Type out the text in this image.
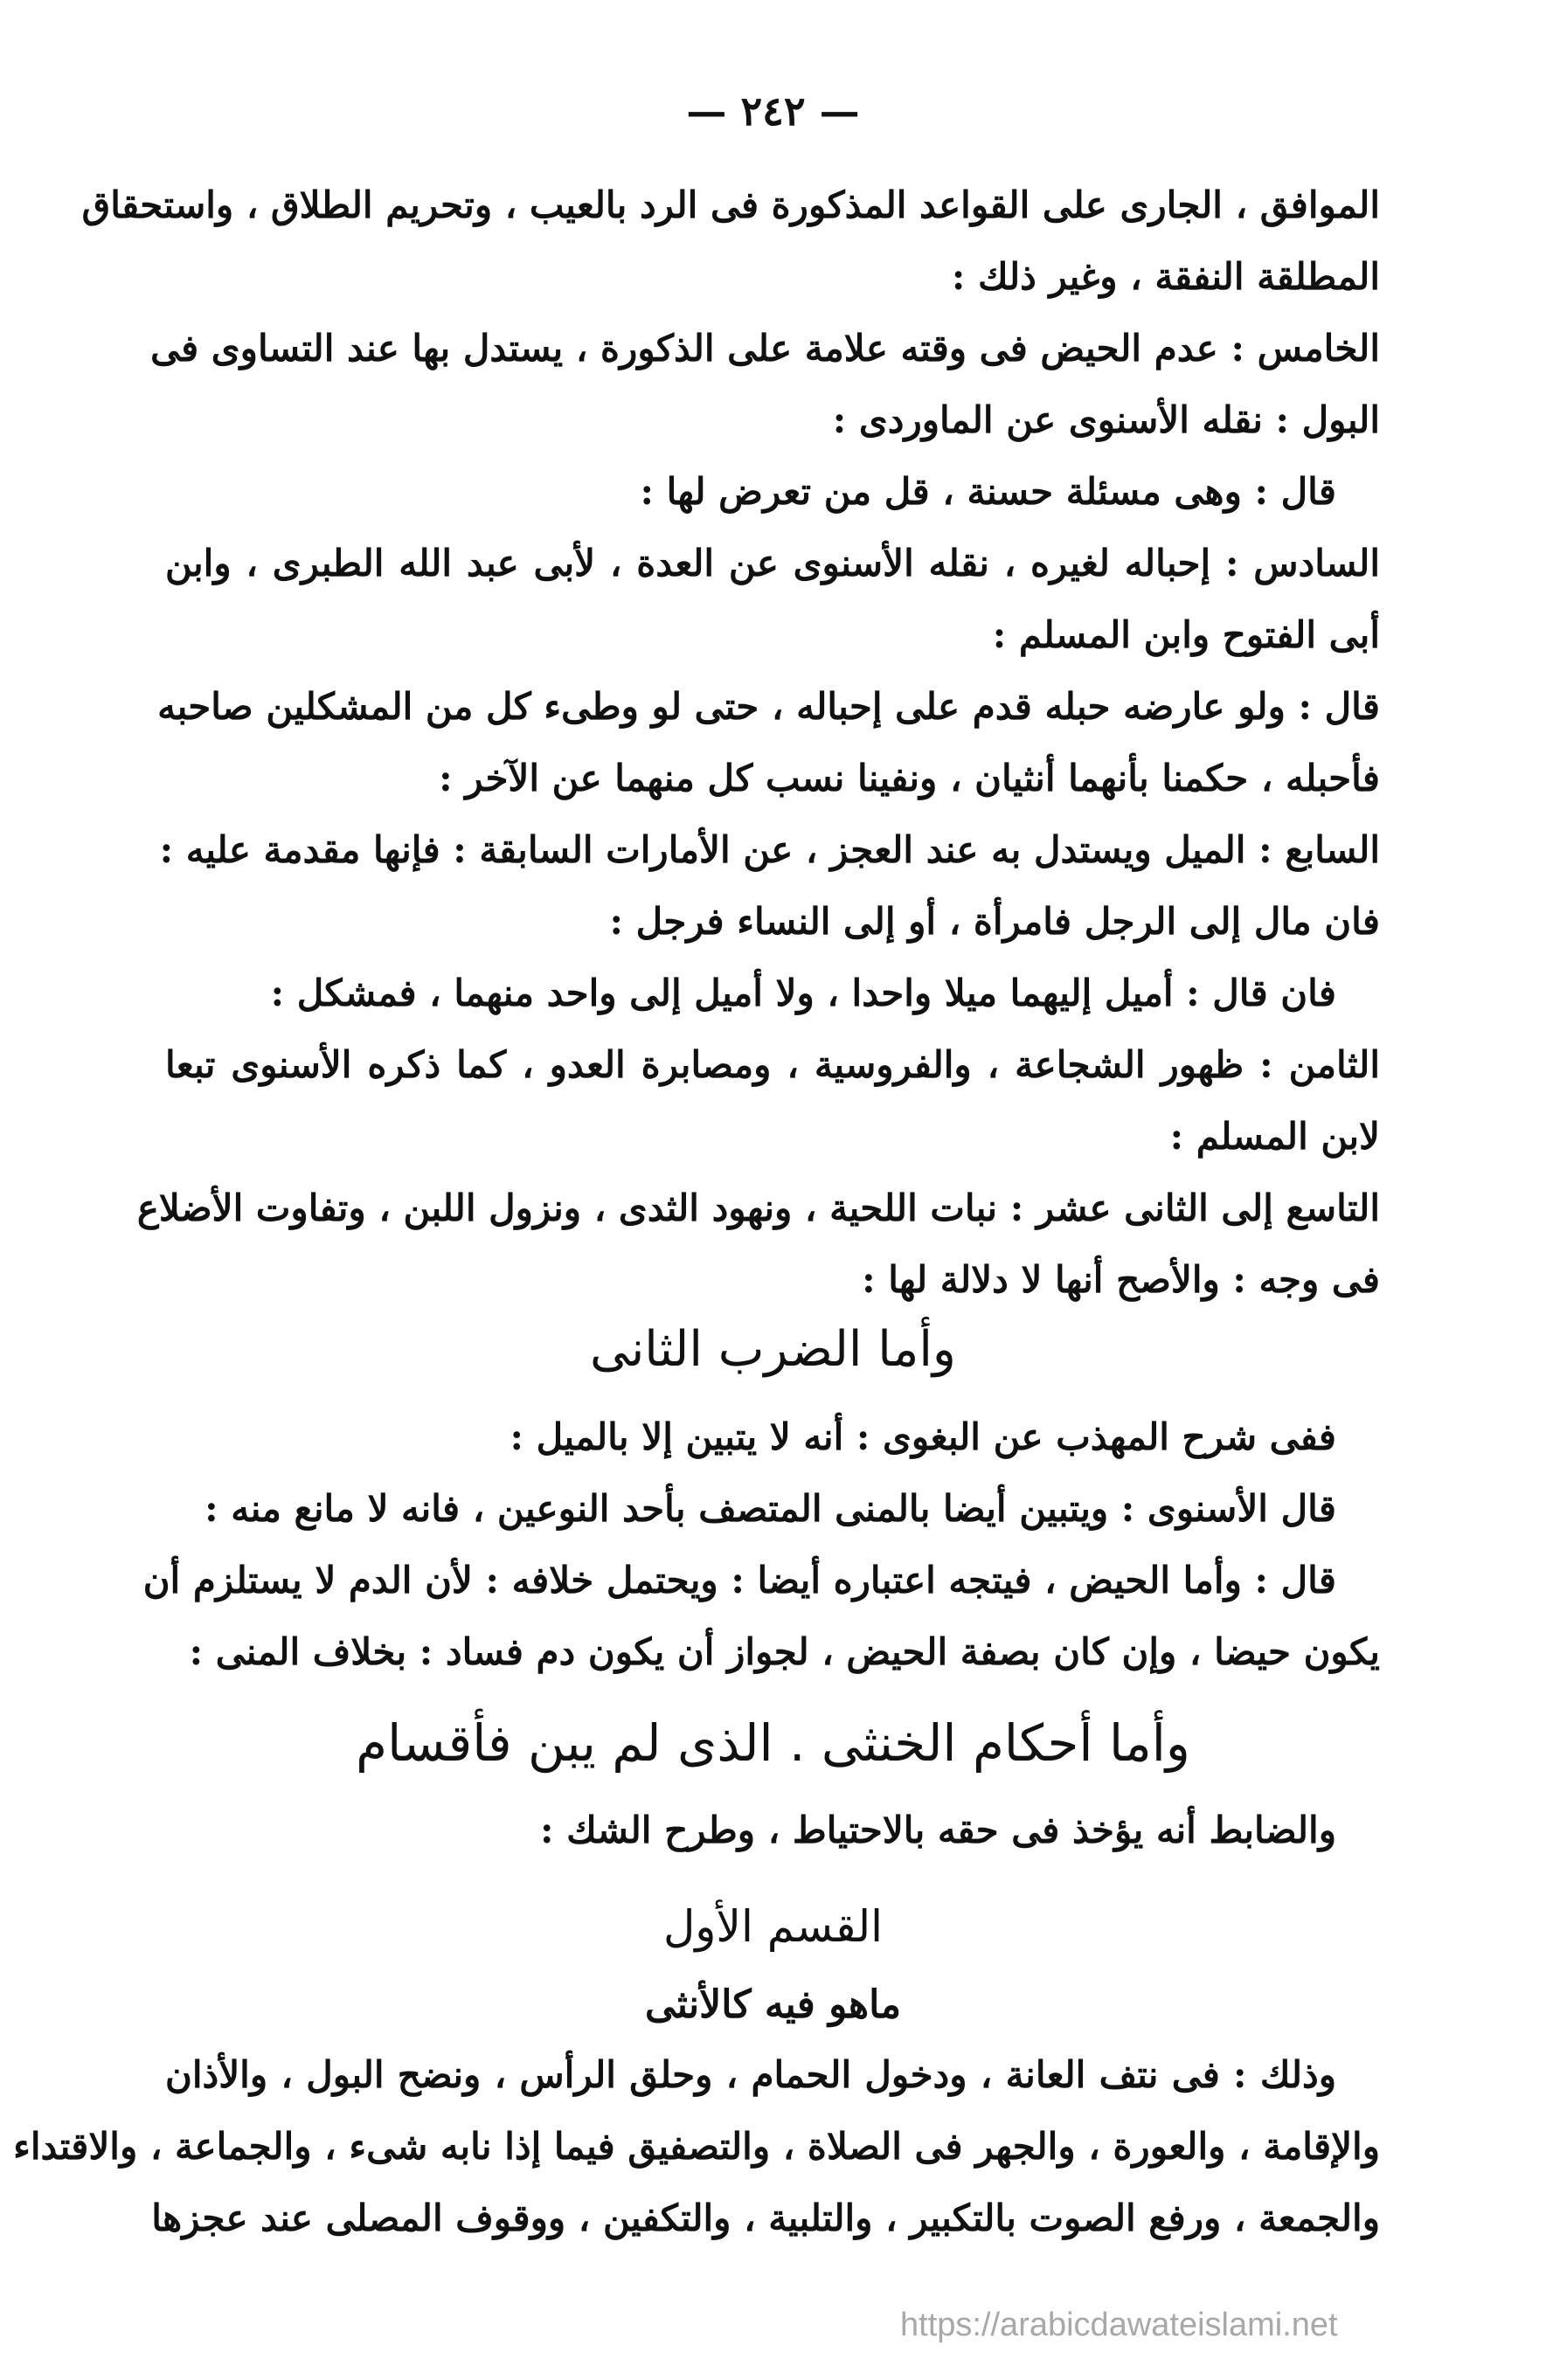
— ٢٤٢ —
الموافق ، الجارى على القواعد المذكورة فى الرد بالعيب ، وتحريم الطلاق ، واستحقاق
المطلقة النفقة ، وغير ذلك :
الخامس : عدم الحيض فى وقته علامة على الذكورة ، يستدل بها عند التساوى فى
البول : نقله الأسنوى عن الماوردى :
قال : وهى مسئلة حسنة ، قل من تعرض لها :
السادس : إحباله لغيره ، نقله الأسنوى عن العدة ، لأبى عبد الله الطبرى ، وابن
أبى الفتوح وابن المسلم :
قال : ولو عارضه حبله قدم على إحباله ، حتى لو وطىء كل من المشكلين صاحبه
فأحبله ، حكمنا بأنهما أنثيان ، ونفينا نسب كل منهما عن الآخر :
السابع : الميل ويستدل به عند العجز ، عن الأمارات السابقة : فإنها مقدمة عليه :
فان مال إلى الرجل فامرأة ، أو إلى النساء فرجل :
فان قال : أميل إليهما ميلا واحدا ، ولا أميل إلى واحد منهما ، فمشكل :
الثامن : ظهور الشجاعة ، والفروسية ، ومصابرة العدو ، كما ذكره الأسنوى تبعا
لابن المسلم :
التاسع إلى الثانى عشر : نبات اللحية ، ونهود الثدى ، ونزول اللبن ، وتفاوت الأضلاع
فى وجه : والأصح أنها لا دلالة لها :
وأما الضرب الثانى
ففى شرح المهذب عن البغوى : أنه لا يتبين إلا بالميل :
قال الأسنوى : ويتبين أيضا بالمنى المتصف بأحد النوعين ، فانه لا مانع منه :
قال : وأما الحيض ، فيتجه اعتباره أيضا : ويحتمل خلافه : لأن الدم لا يستلزم أن
يكون حيضا ، وإن كان بصفة الحيض ، لجواز أن يكون دم فساد : بخلاف المنى :
وأما أحكام الخنثى . الذى لم يبن فأقسام
والضابط أنه يؤخذ فى حقه بالاحتياط ، وطرح الشك :
القسم الأول
ماهو فيه كالأنثى
وذلك : فى نتف العانة ، ودخول الحمام ، وحلق الرأس ، ونضح البول ، والأذان
والإقامة ، والعورة ، والجهر فى الصلاة ، والتصفيق فيما إذا نابه شىء ، والجماعة ، والاقتداء
والجمعة ، ورفع الصوت بالتكبير ، والتلبية ، والتكفين ، ووقوف المصلى عند عجزها
https://arabicdawateislami.net
